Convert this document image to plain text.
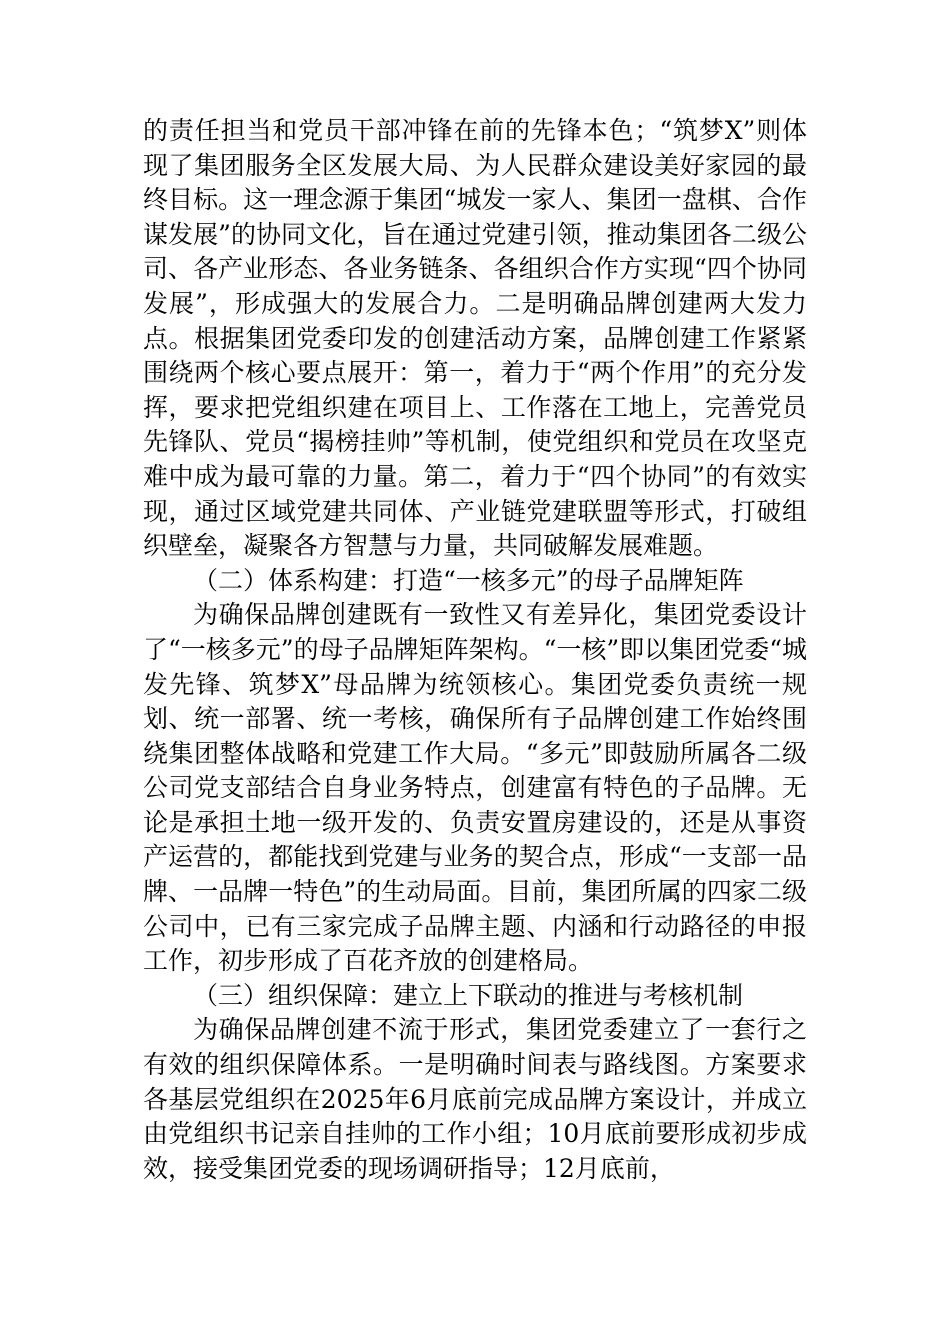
的责任担当和党员干部冲锋在前的先锋本色；“筑梦X”则体现了集团服务全区发展大局、为人民群众建设美好家园的最终目标。这一理念源于集团“城发一家人、集团一盘棋、合作谋发展”的协同文化，旨在通过党建引领，推动集团各二级公司、各产业形态、各业务链条、各组织合作方实现“四个协同发展”，形成强大的发展合力。二是明确品牌创建两大发力点。根据集团党委印发的创建活动方案，品牌创建工作紧紧围绕两个核心要点展开：第一，着力于“两个作用”的充分发挥，要求把党组织建在项目上、工作落在工地上，完善党员先锋队、党员“揭榜挂帅”等机制，使党组织和党员在攻坚克难中成为最可靠的力量。第二，着力于“四个协同”的有效实现，通过区域党建共同体、产业链党建联盟等形式，打破组织壁垒，凝聚各方智慧与力量，共同破解发展难题。

（二）体系构建：打造“一核多元”的母子品牌矩阵

为确保品牌创建既有一致性又有差异化，集团党委设计了“一核多元”的母子品牌矩阵架构。“一核”即以集团党委“城发先锋、筑梦X”母品牌为统领核心。集团党委负责统一规划、统一部署、统一考核，确保所有子品牌创建工作始终围绕集团整体战略和党建工作大局。“多元”即鼓励所属各二级公司党支部结合自身业务特点，创建富有特色的子品牌。无论是承担土地一级开发的、负责安置房建设的，还是从事资产运营的，都能找到党建与业务的契合点，形成“一支部一品牌、一品牌一特色”的生动局面。目前，集团所属的四家二级公司中，已有三家完成子品牌主题、内涵和行动路径的申报工作，初步形成了百花齐放的创建格局。

（三）组织保障：建立上下联动的推进与考核机制

为确保品牌创建不流于形式，集团党委建立了一套行之有效的组织保障体系。一是明确时间表与路线图。方案要求各基层党组织在2025年6月底前完成品牌方案设计，并成立由党组织书记亲自挂帅的工作小组；10月底前要形成初步成效，接受集团党委的现场调研指导；12月底前，
